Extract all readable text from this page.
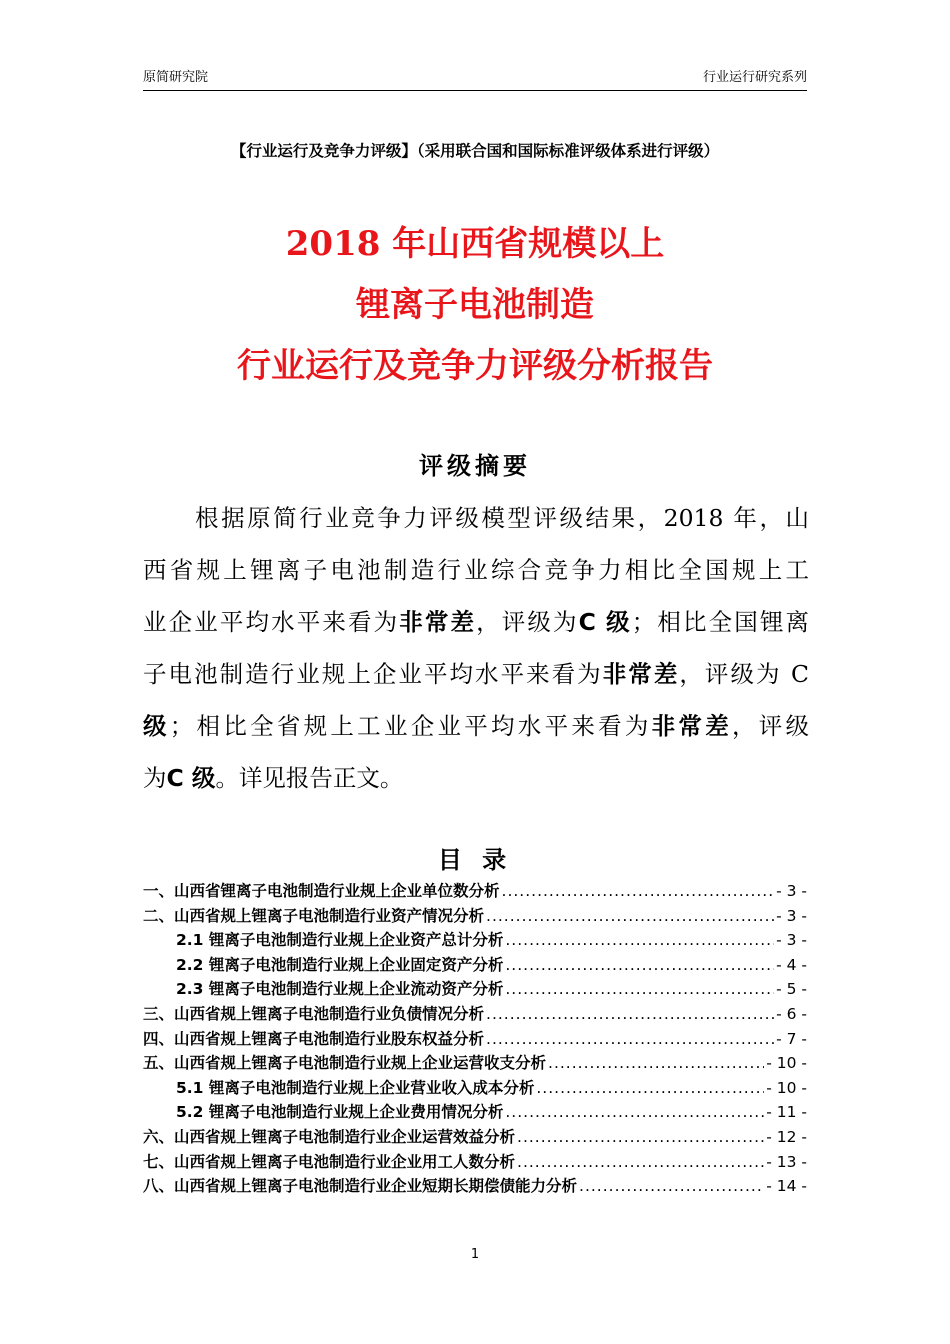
原简研究院	行业运行研究系列
【行业运行及竞争力评级】（采用联合国和国际标准评级体系进行评级）
2018 年山西省规模以上
锂离子电池制造
行业运行及竞争力评级分析报告
评级摘要
　　根据原简行业竞争力评级模型评级结果，2018 年，山
西省规上锂离子电池制造行业综合竞争力相比全国规上工
业企业平均水平来看为非常差，评级为C 级；相比全国锂离
子电池制造行业规上企业平均水平来看为非常差，评级为 C
级；相比全省规上工业企业平均水平来看为非常差，评级
为C 级。详见报告正文。
目 录
一、山西省锂离子电池制造行业规上企业单位数分析 .....	- 3 -
二、山西省规上锂离子电池制造行业资产情况分析 .....	- 3 -
2.1 锂离子电池制造行业规上企业资产总计分析 .....	- 3 -
2.2 锂离子电池制造行业规上企业固定资产分析 .....	- 4 -
2.3 锂离子电池制造行业规上企业流动资产分析 .....	- 5 -
三、山西省规上锂离子电池制造行业负债情况分析 .....	- 6 -
四、山西省规上锂离子电池制造行业股东权益分析 .....	- 7 -
五、山西省规上锂离子电池制造行业规上企业运营收支分析 .....	- 10 -
5.1 锂离子电池制造行业规上企业营业收入成本分析 .....	- 10 -
5.2 锂离子电池制造行业规上企业费用情况分析 .....	- 11 -
六、山西省规上锂离子电池制造行业企业运营效益分析 .....	- 12 -
七、山西省规上锂离子电池制造行业企业用工人数分析 .....	- 13 -
八、山西省规上锂离子电池制造行业企业短期长期偿债能力分析 .....	- 14 -
1
